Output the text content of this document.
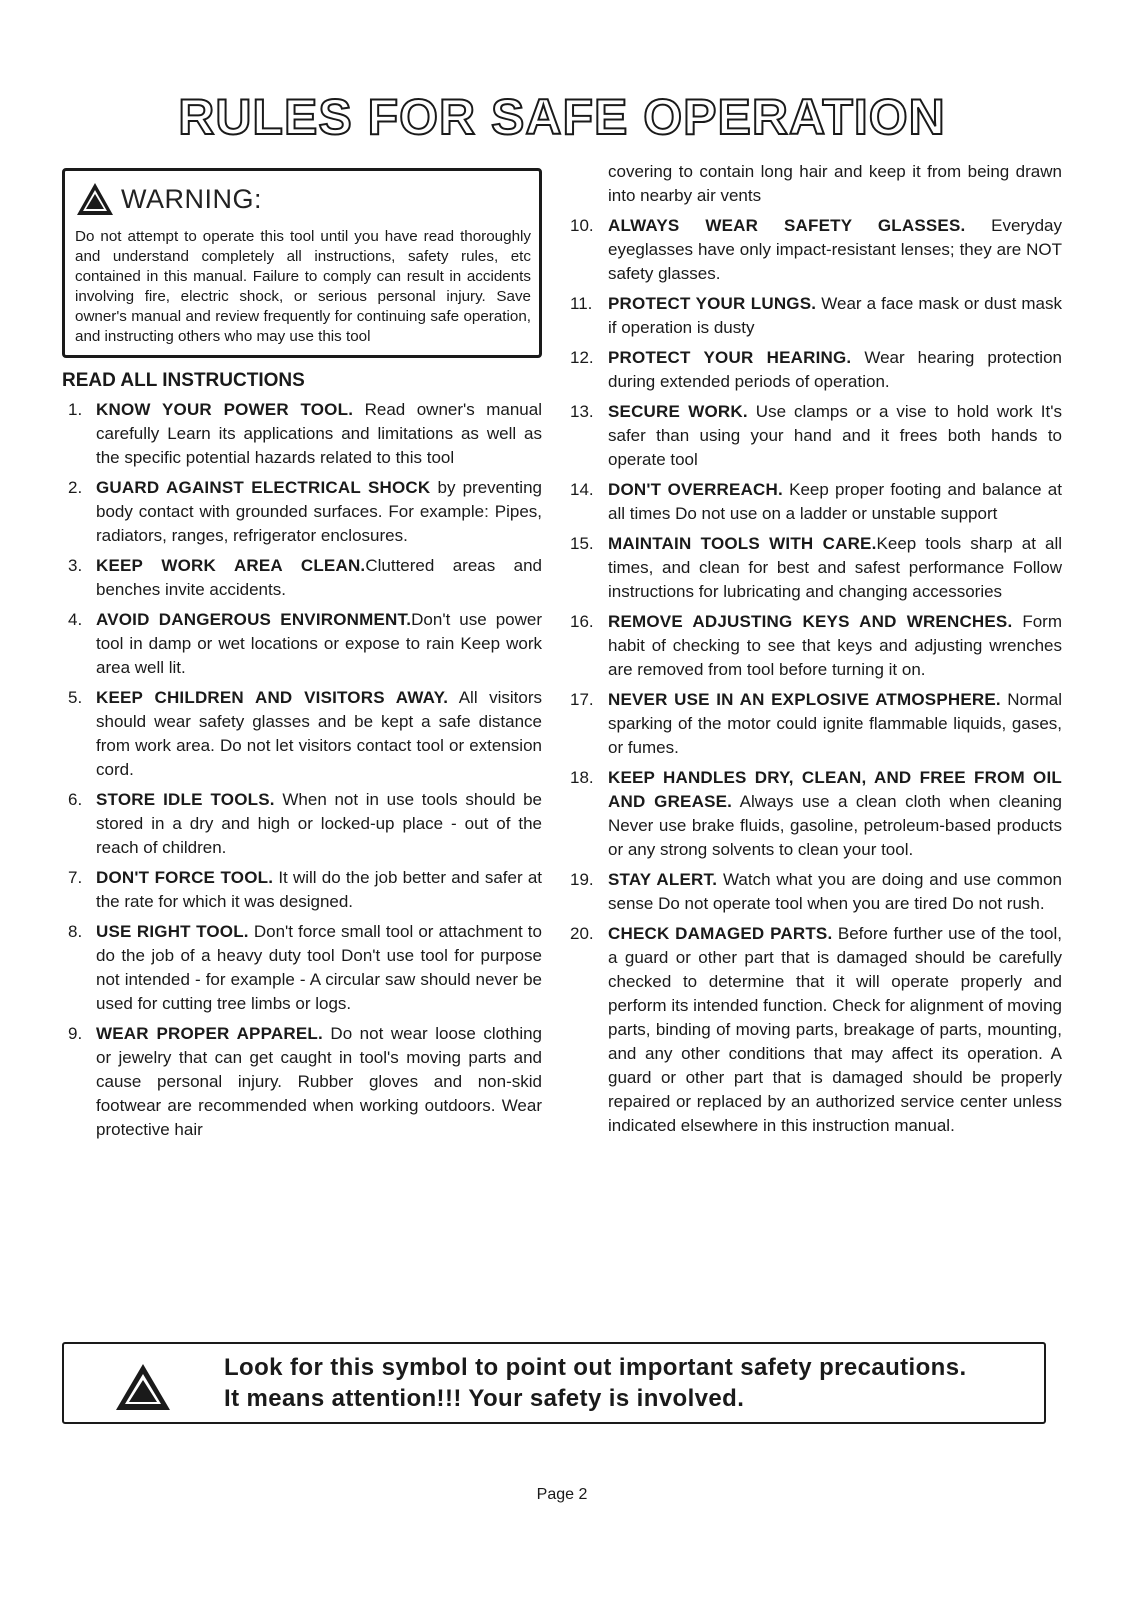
RULES FOR SAFE OPERATION
WARNING:

Do not attempt to operate this tool until you have read thoroughly and understand completely all instructions, safety rules, etc contained in this manual. Failure to comply can result in accidents involving fire, electric shock, or serious personal injury. Save owner's manual and review frequently for continuing safe operation, and instructing others who may use this tool

READ ALL INSTRUCTIONS
1. KNOW YOUR POWER TOOL. Read owner's manual carefully Learn its applications and limitations as well as the specific potential hazards related to this tool
2. GUARD AGAINST ELECTRICAL SHOCK by preventing body contact with grounded surfaces. For example: Pipes, radiators, ranges, refrigerator enclosures.
3. KEEP WORK AREA CLEAN.Cluttered areas and benches invite accidents.
4. AVOID DANGEROUS ENVIRONMENT.Don't use power tool in damp or wet locations or expose to rain Keep work area well lit.
5. KEEP CHILDREN AND VISITORS AWAY. All visitors should wear safety glasses and be kept a safe distance from work area. Do not let visitors contact tool or extension cord.
6. STORE IDLE TOOLS. When not in use tools should be stored in a dry and high or locked-up place - out of the reach of children.
7. DON'T FORCE TOOL. It will do the job better and safer at the rate for which it was designed.
8. USE RIGHT TOOL. Don't force small tool or attachment to do the job of a heavy duty tool Don't use tool for purpose not intended - for example - A circular saw should never be used for cutting tree limbs or logs.
9. WEAR PROPER APPAREL. Do not wear loose clothing or jewelry that can get caught in tool's moving parts and cause personal injury. Rubber gloves and non-skid footwear are recommended when working outdoors. Wear protective hair
covering to contain long hair and keep it from being drawn into nearby air vents
10. ALWAYS WEAR SAFETY GLASSES. Everyday eyeglasses have only impact-resistant lenses; they are NOT safety glasses.
11. PROTECT YOUR LUNGS. Wear a face mask or dust mask if operation is dusty
12. PROTECT YOUR HEARING. Wear hearing protection during extended periods of operation.
13. SECURE WORK. Use clamps or a vise to hold work It's safer than using your hand and it frees both hands to operate tool
14. DON'T OVERREACH. Keep proper footing and balance at all times Do not use on a ladder or unstable support
15. MAINTAIN TOOLS WITH CARE.Keep tools sharp at all times, and clean for best and safest performance Follow instructions for lubricating and changing accessories
16. REMOVE ADJUSTING KEYS AND WRENCHES. Form habit of checking to see that keys and adjusting wrenches are removed from tool before turning it on.
17. NEVER USE IN AN EXPLOSIVE ATMOSPHERE. Normal sparking of the motor could ignite flammable liquids, gases, or fumes.
18. KEEP HANDLES DRY, CLEAN, AND FREE FROM OIL AND GREASE. Always use a clean cloth when cleaning Never use brake fluids, gasoline, petroleum-based products or any strong solvents to clean your tool.
19. STAY ALERT. Watch what you are doing and use common sense Do not operate tool when you are tired Do not rush.
20. CHECK DAMAGED PARTS. Before further use of the tool, a guard or other part that is damaged should be carefully checked to determine that it will operate properly and perform its intended function. Check for alignment of moving parts, binding of moving parts, breakage of parts, mounting, and any other conditions that may affect its operation. A guard or other part that is damaged should be properly repaired or replaced by an authorized service center unless indicated elsewhere in this instruction manual.
Look for this symbol to point out important safety precautions.
It means attention!!! Your safety is involved.
Page 2
